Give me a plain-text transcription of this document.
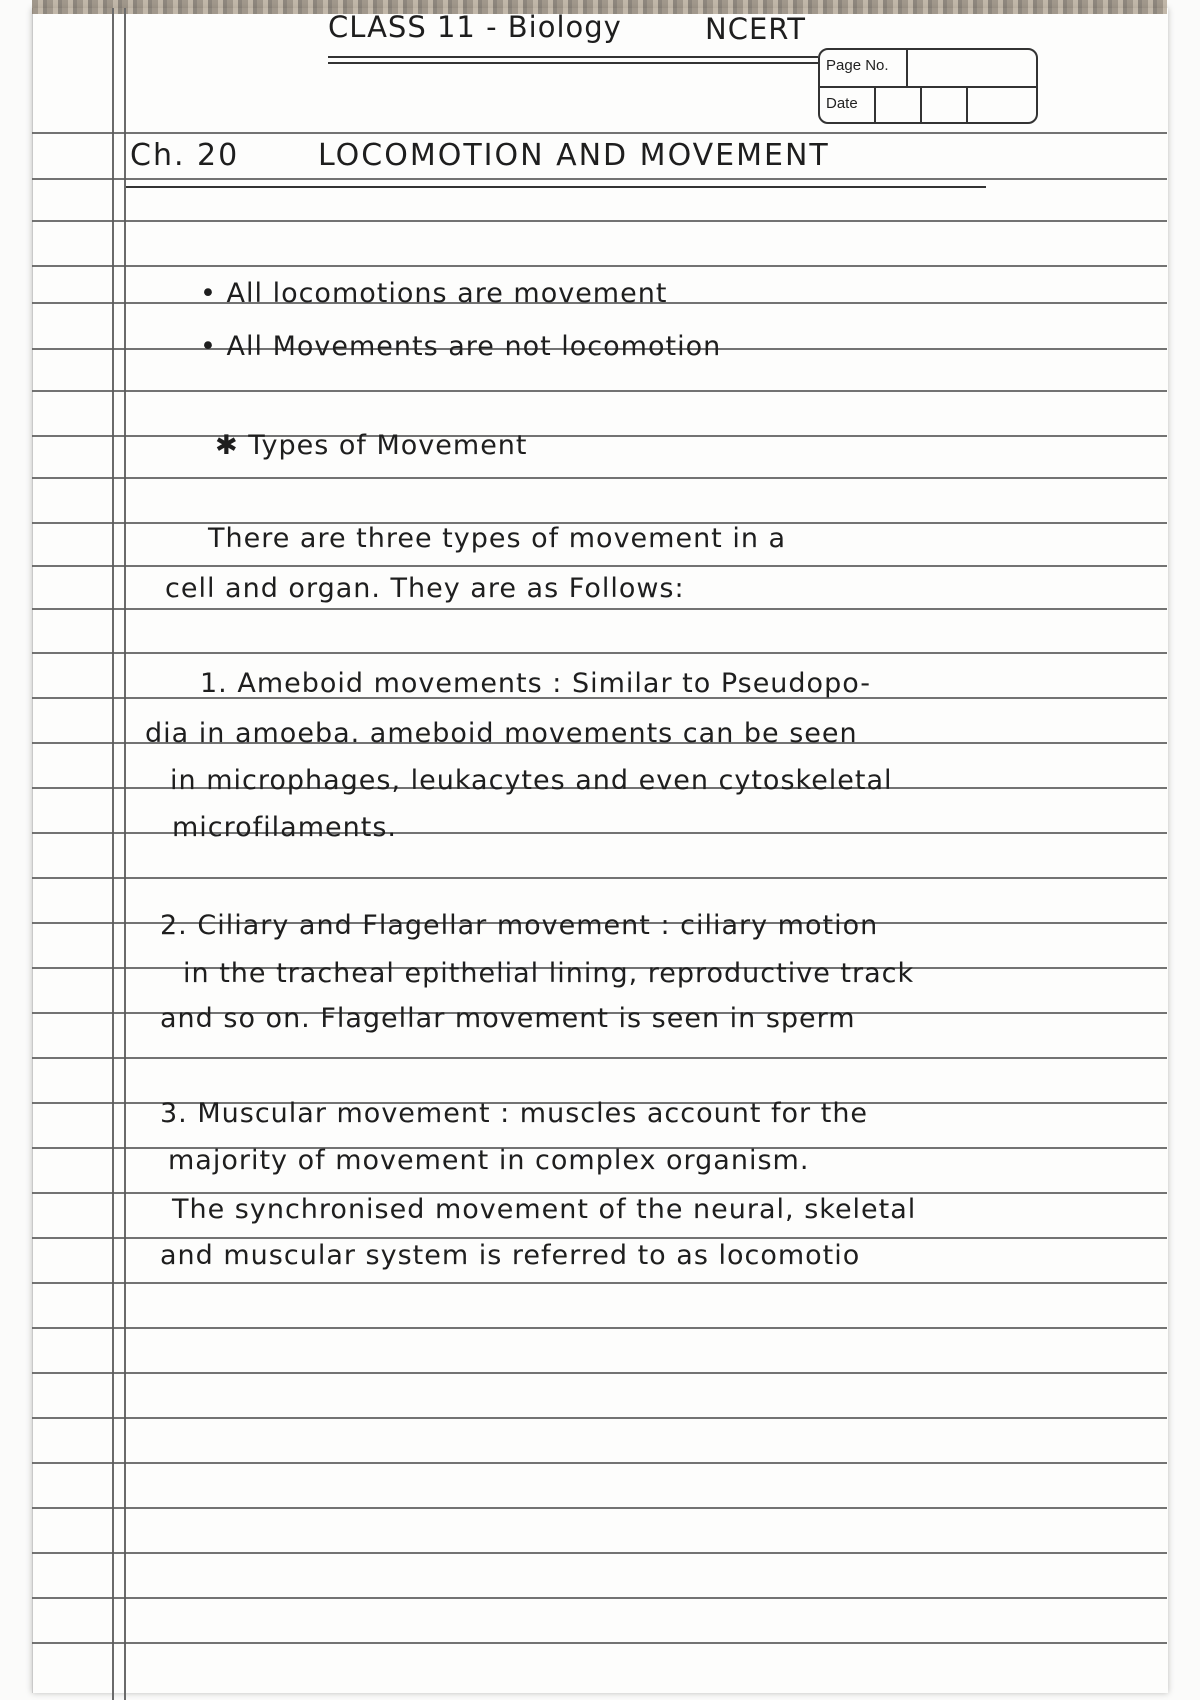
CLASS 11 - Biology	NCERT
Page No.
Date
Ch. 20	LOCOMOTION AND MOVEMENT
• All locomotions are movement
• All Movements are not locomotion
✱ Types of Movement
There are three types of movement in a
cell and organ. They are as Follows:
1. Ameboid movements : Similar to Pseudopo-
dia in amoeba. ameboid movements can be seen
in microphages, leukacytes and even cytoskeletal
microfilaments.
2. Ciliary and Flagellar movement : ciliary motion
in the tracheal epithelial lining, reproductive track
and so on. Flagellar movement is seen in sperm
3. Muscular movement : muscles account for the
majority of movement in complex organism.
The synchronised movement of the neural, skeletal
and muscular system is referred to as locomotio
